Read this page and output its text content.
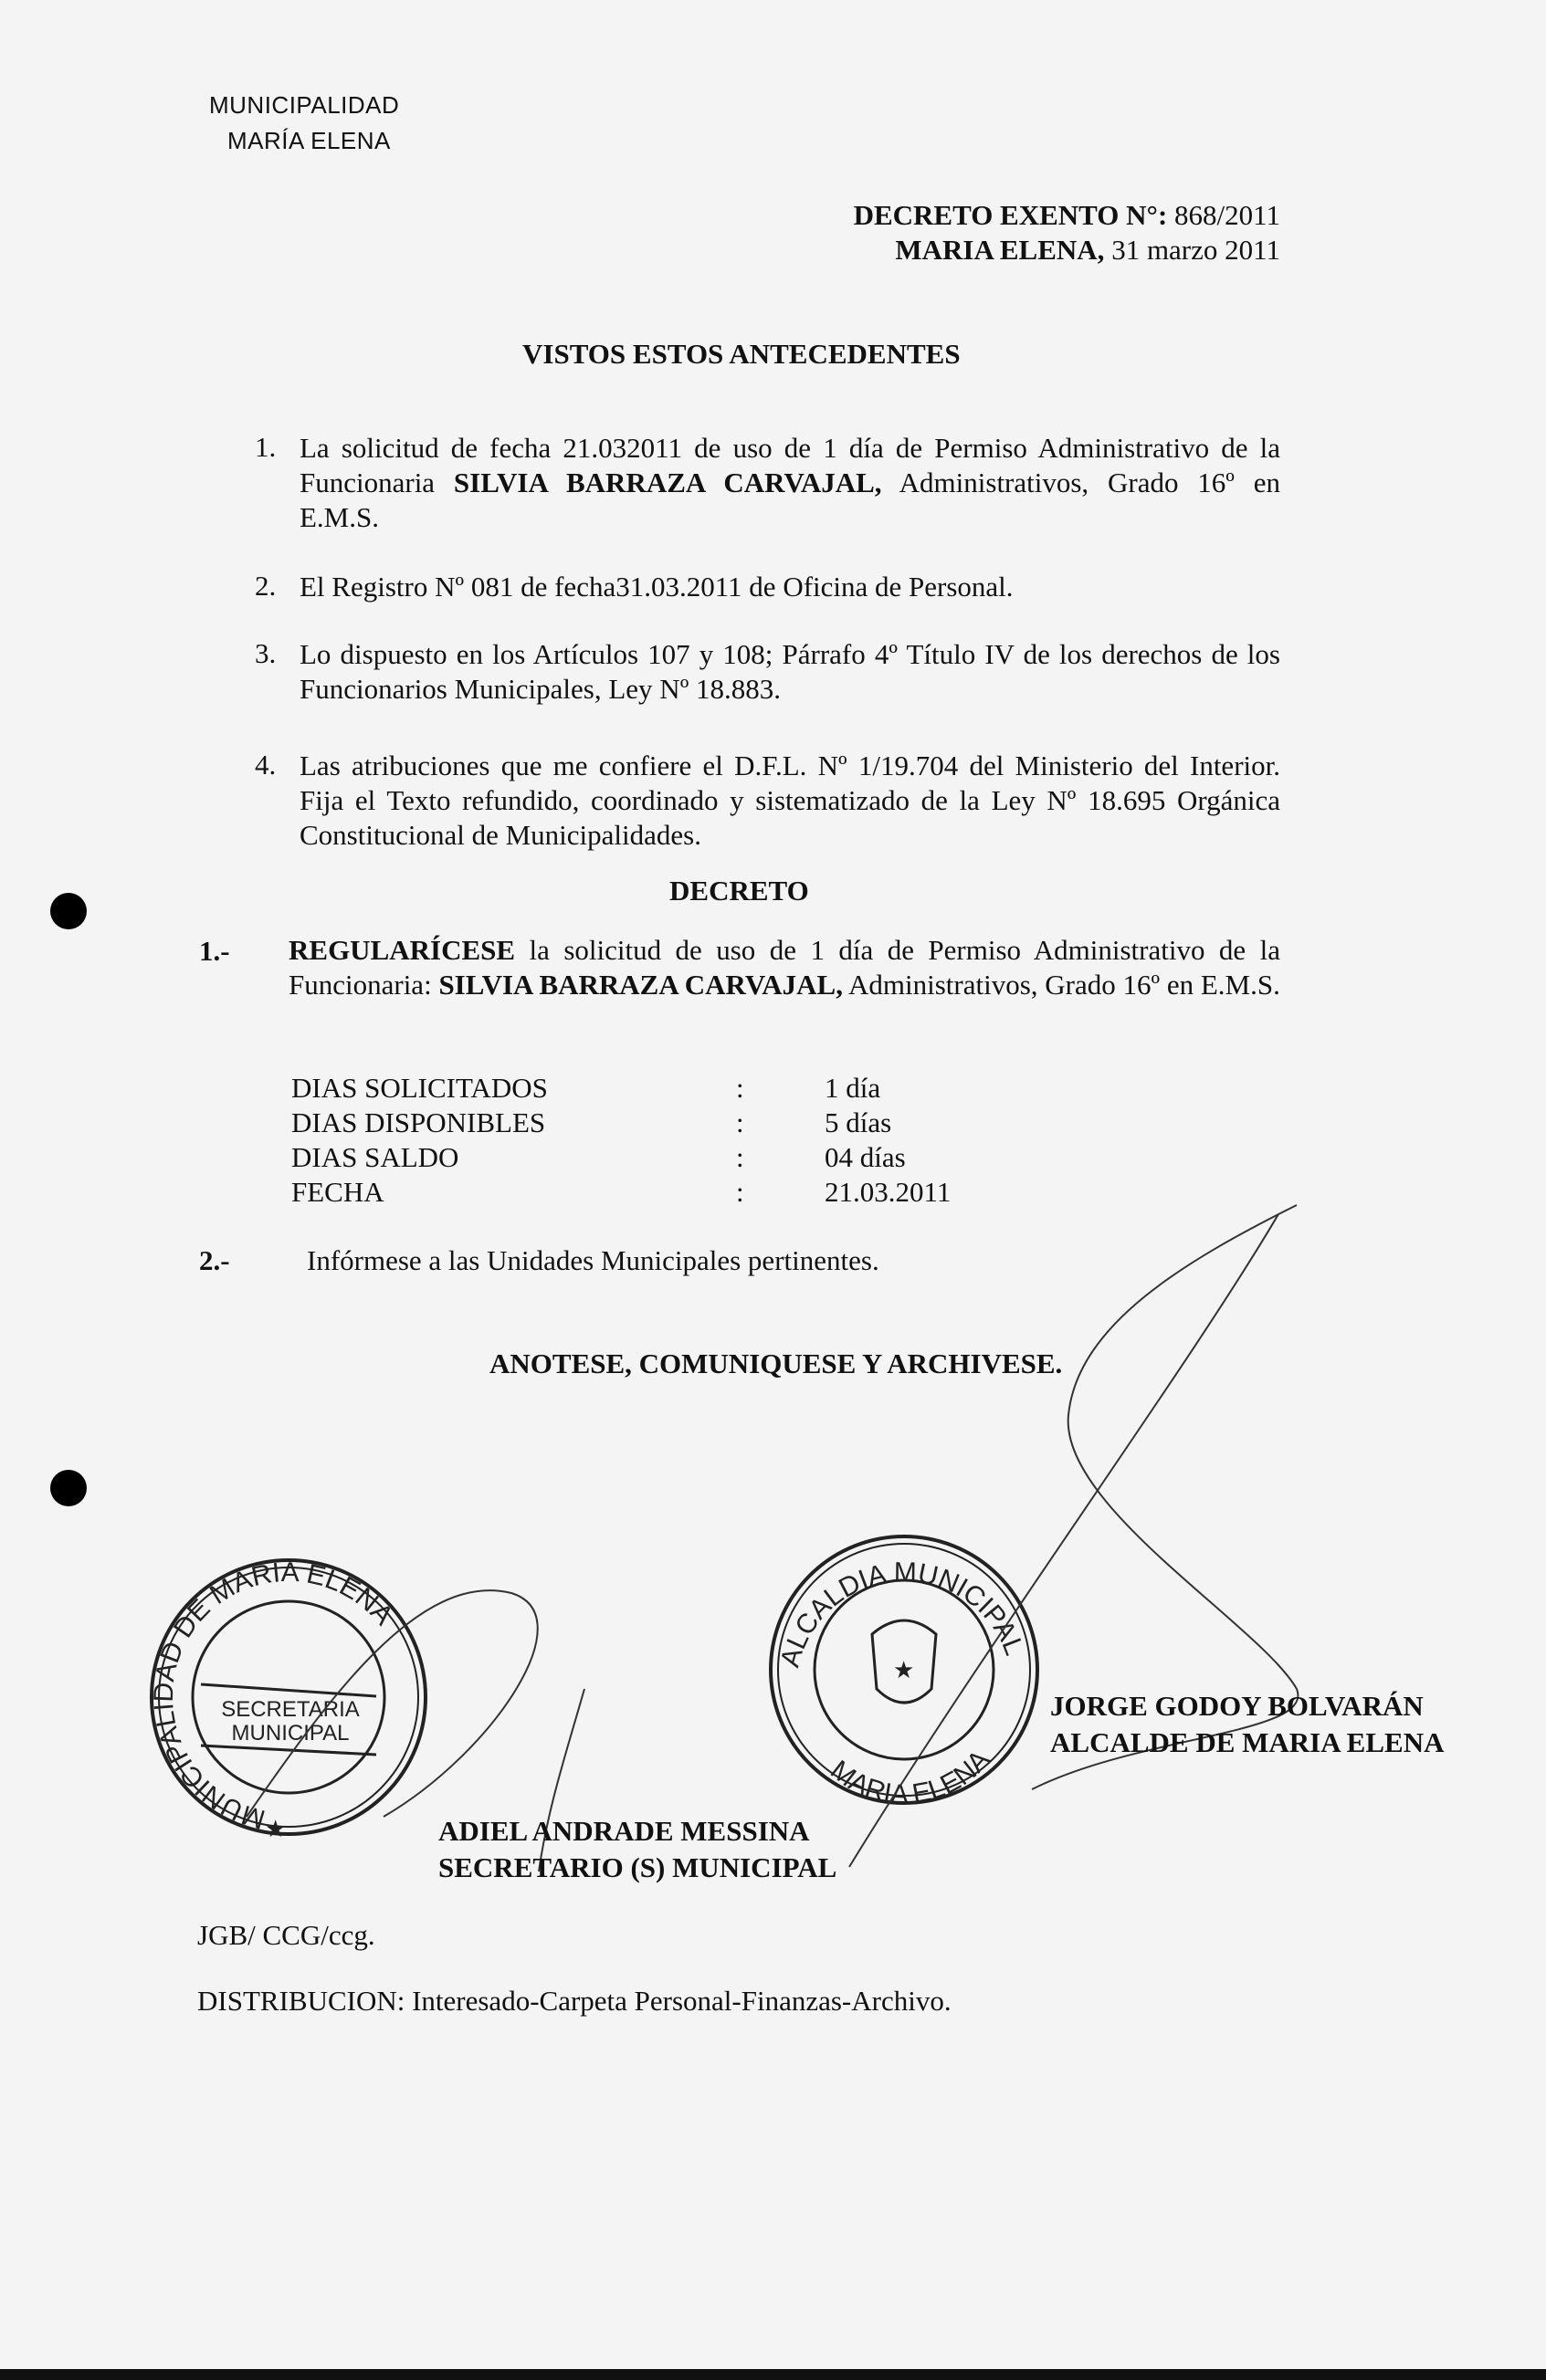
MUNICIPALIDAD
MARÍA ELENA
DECRETO EXENTO N°: 868/2011
MARIA ELENA, 31 marzo 2011
VISTOS ESTOS ANTECEDENTES
1. La solicitud de fecha 21.032011 de uso de 1 día de Permiso Administrativo de la Funcionaria SILVIA BARRAZA CARVAJAL, Administrativos, Grado 16º en E.M.S.
2. El Registro Nº 081 de fecha31.03.2011 de Oficina de Personal.
3. Lo dispuesto en los Artículos 107 y 108; Párrafo 4º Título IV de los derechos de los Funcionarios Municipales, Ley Nº 18.883.
4. Las atribuciones que me confiere el D.F.L. Nº 1/19.704 del Ministerio del Interior. Fija el Texto refundido, coordinado y sistematizado de la Ley Nº 18.695 Orgánica Constitucional de Municipalidades.
DECRETO
1.- REGULARÍCESE la solicitud de uso de 1 día de Permiso Administrativo de la Funcionaria: SILVIA BARRAZA CARVAJAL, Administrativos, Grado 16º en E.M.S.
DIAS SOLICITADOS	:	1 día
DIAS DISPONIBLES	:	5 días
DIAS SALDO	:	04 días
FECHA	:	21.03.2011
2.-	Infórmese a las Unidades Municipales pertinentes.
ANOTESE, COMUNIQUESE Y ARCHIVESE.
MUNICIPALIDAD DE MARIA ELENA
SECRETARIA
MUNICIPAL
★
ALCALDIA MUNICIPAL
MARIA ELENA
★
ADIEL ANDRADE MESSINA
SECRETARIO (S) MUNICIPAL
JORGE GODOY BOLVARÁN
ALCALDE DE MARIA ELENA
JGB/ CCG/ccg.
DISTRIBUCION: Interesado-Carpeta Personal-Finanzas-Archivo.
